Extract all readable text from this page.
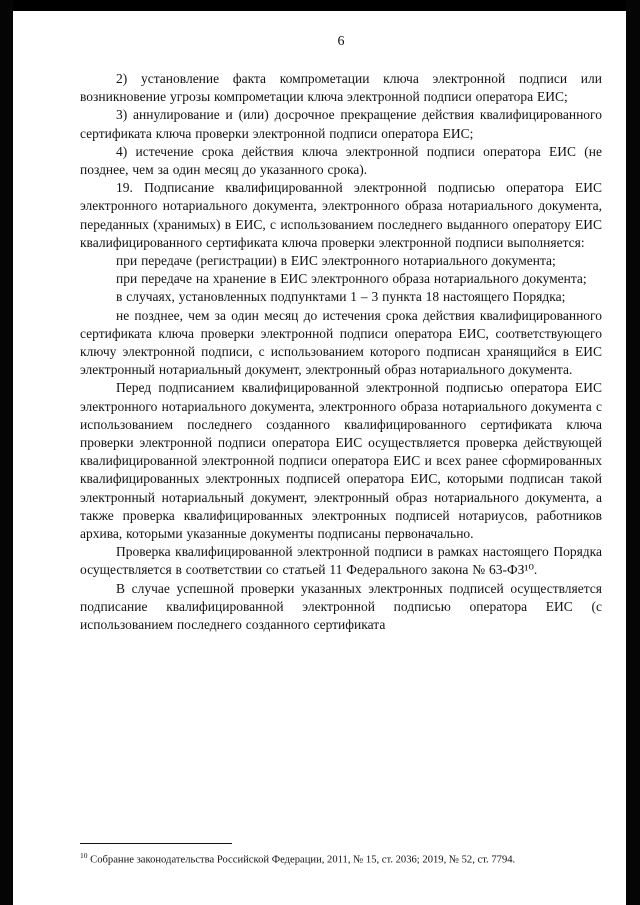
6

2) установление факта компрометации ключа электронной подписи или возникновение угрозы компрометации ключа электронной подписи оператора ЕИС;

3) аннулирование и (или) досрочное прекращение действия квалифицированного сертификата ключа проверки электронной подписи оператора ЕИС;

4) истечение срока действия ключа электронной подписи оператора ЕИС (не позднее, чем за один месяц до указанного срока).

19. Подписание квалифицированной электронной подписью оператора ЕИС электронного нотариального документа, электронного образа нотариального документа, переданных (хранимых) в ЕИС, с использованием последнего выданного оператору ЕИС квалифицированного сертификата ключа проверки электронной подписи выполняется:

при передаче (регистрации) в ЕИС электронного нотариального документа;

при передаче на хранение в ЕИС электронного образа нотариального документа;

в случаях, установленных подпунктами 1 – 3 пункта 18 настоящего Порядка;

не позднее, чем за один месяц до истечения срока действия квалифицированного сертификата ключа проверки электронной подписи оператора ЕИС, соответствующего ключу электронной подписи, с использованием которого подписан хранящийся в ЕИС электронный нотариальный документ, электронный образ нотариального документа.

Перед подписанием квалифицированной электронной подписью оператора ЕИС электронного нотариального документа, электронного образа нотариального документа с использованием последнего созданного квалифицированного сертификата ключа проверки электронной подписи оператора ЕИС осуществляется проверка действующей квалифицированной электронной подписи оператора ЕИС и всех ранее сформированных квалифицированных электронных подписей оператора ЕИС, которыми подписан такой электронный нотариальный документ, электронный образ нотариального документа, а также проверка квалифицированных электронных подписей нотариусов, работников архива, которыми указанные документы подписаны первоначально.

Проверка квалифицированной электронной подписи в рамках настоящего Порядка осуществляется в соответствии со статьей 11 Федерального закона № 63-ФЗ¹⁰.

В случае успешной проверки указанных электронных подписей осуществляется подписание квалифицированной электронной подписью оператора ЕИС (с использованием последнего созданного сертификата

$^{10}$ Собрание законодательства Российской Федерации, 2011, № 15, ст. 2036; 2019, № 52, ст. 7794.
